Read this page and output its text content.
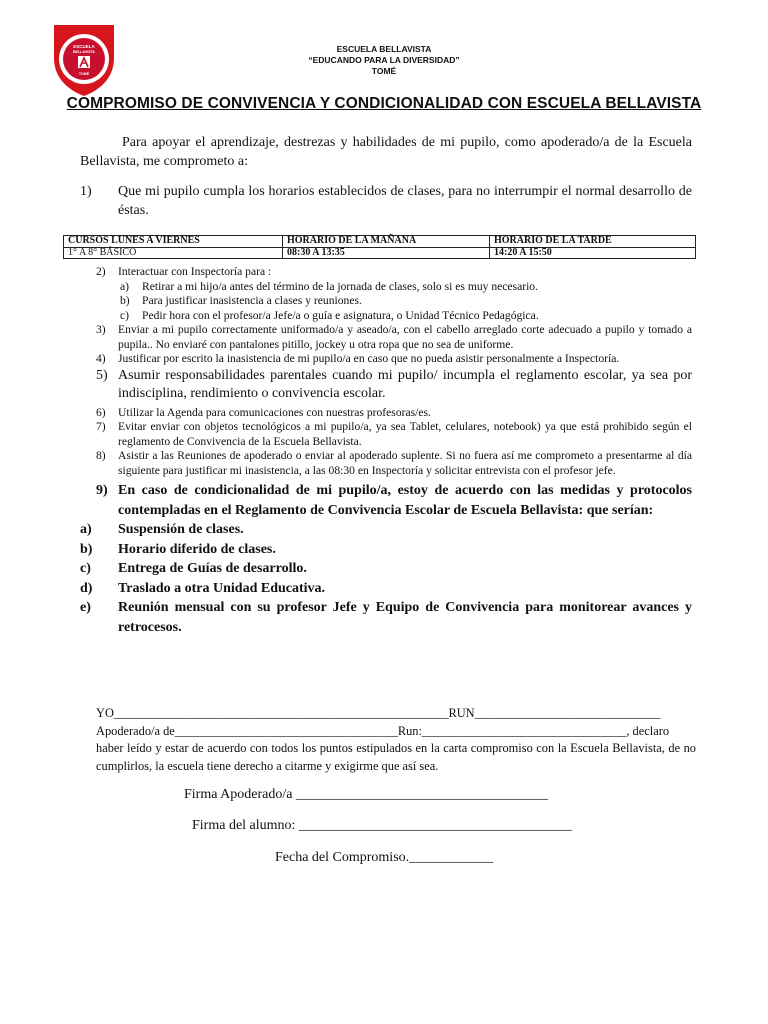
ESCUELA
BELLAVISTA
TOMÉ
ESCUELA BELLAVISTA
“EDUCANDO PARA LA DIVERSIDAD”
TOMÉ
COMPROMISO DE CONVIVENCIA Y CONDICIONALIDAD CON ESCUELA BELLAVISTA
Para apoyar el aprendizaje, destrezas y habilidades de mi pupilo, como apoderado/a de la Escuela Bellavista, me comprometo a:
1) Que mi pupilo cumpla los horarios establecidos de clases, para no interrumpir el normal desarrollo de éstas.
CURSOS LUNES A VIERNES	HORARIO DE LA MAÑANA	HORARIO DE LA TARDE
1° A 8° BÁSICO	08:30 A 13:35	14:20 A 15:50
2) Interactuar con Inspectoría para :
a) Retirar a mi hijo/a antes del término de la jornada de clases, solo si es muy necesario.
b) Para justificar inasistencia a clases y reuniones.
c) Pedir hora con el profesor/a Jefe/a o guía e asignatura, o Unidad Técnico Pedagógica.
3) Enviar a mi pupilo correctamente uniformado/a y aseado/a, con el cabello arreglado corte adecuado a pupilo y tomado a pupila.. No enviaré con pantalones pitillo, jockey u otra ropa que no sea de uniforme.
4) Justificar por escrito la inasistencia de mi pupilo/a en caso que no pueda asistir personalmente a Inspectoría.
5) Asumir responsabilidades parentales cuando mi pupilo/ incumpla el reglamento escolar, ya sea por indisciplina, rendimiento o convivencia escolar.
6) Utilizar la Agenda para comunicaciones con nuestras profesoras/es.
7) Evitar enviar con objetos tecnológicos a mi pupilo/a, ya sea Tablet, celulares, notebook) ya que está prohibido según el reglamento de Convivencia de la Escuela Bellavista.
8) Asistir a las Reuniones de apoderado o enviar al apoderado suplente. Si no fuera así me comprometo a presentarme al día siguiente para justificar mi inasistencia, a las 08:30 en Inspectoría y solicitar entrevista con el profesor jefe.
9) En caso de condicionalidad de mi pupilo/a, estoy de acuerdo con las medidas y protocolos contempladas en el Reglamento de Convivencia Escolar de Escuela Bellavista: que serían:
a) Suspensión de clases.
b) Horario diferido de clases.
c) Entrega de Guías de desarrollo.
d) Traslado a otra Unidad Educativa.
e) Reunión mensual con su profesor Jefe y Equipo de Convivencia para monitorear avances y retrocesos.
YO______________________________________________________RUN______________________________
Apoderado/a de____________________________________Run:_________________________________, declaro

haber leído y estar de acuerdo con todos los puntos estipulados en la carta compromiso con la Escuela Bellavista, de no cumplirlos, la escuela tiene derecho a citarme y exigirme que así sea.

Firma Apoderado/a ____________________________________
Firma del alumno: _______________________________________
Fecha del Compromiso.____________
